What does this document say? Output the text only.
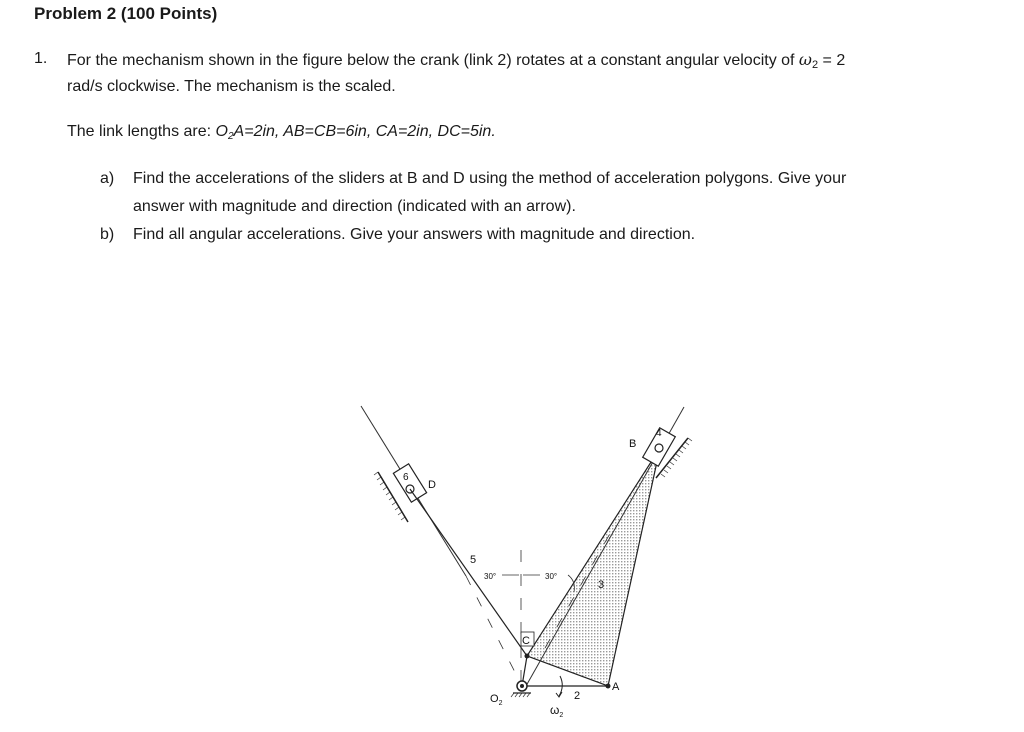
Problem 2 (100 Points)
1. For the mechanism shown in the figure below the crank (link 2) rotates at a constant angular velocity of $\omega_2 = 2$
rad/s clockwise. The mechanism is the scaled.
The link lengths are: O2A=2in, AB=CB=6in, CA=2in, DC=5in.
a) Find the accelerations of the sliders at B and D using the method of acceleration polygons. Give your
answer with magnitude and direction (indicated with an arrow).
b) Find all angular accelerations. Give your answers with magnitude and direction.
B
4
6
D
5
30°	30°
3
C
A
$O_2$
2
$\omega_2$
